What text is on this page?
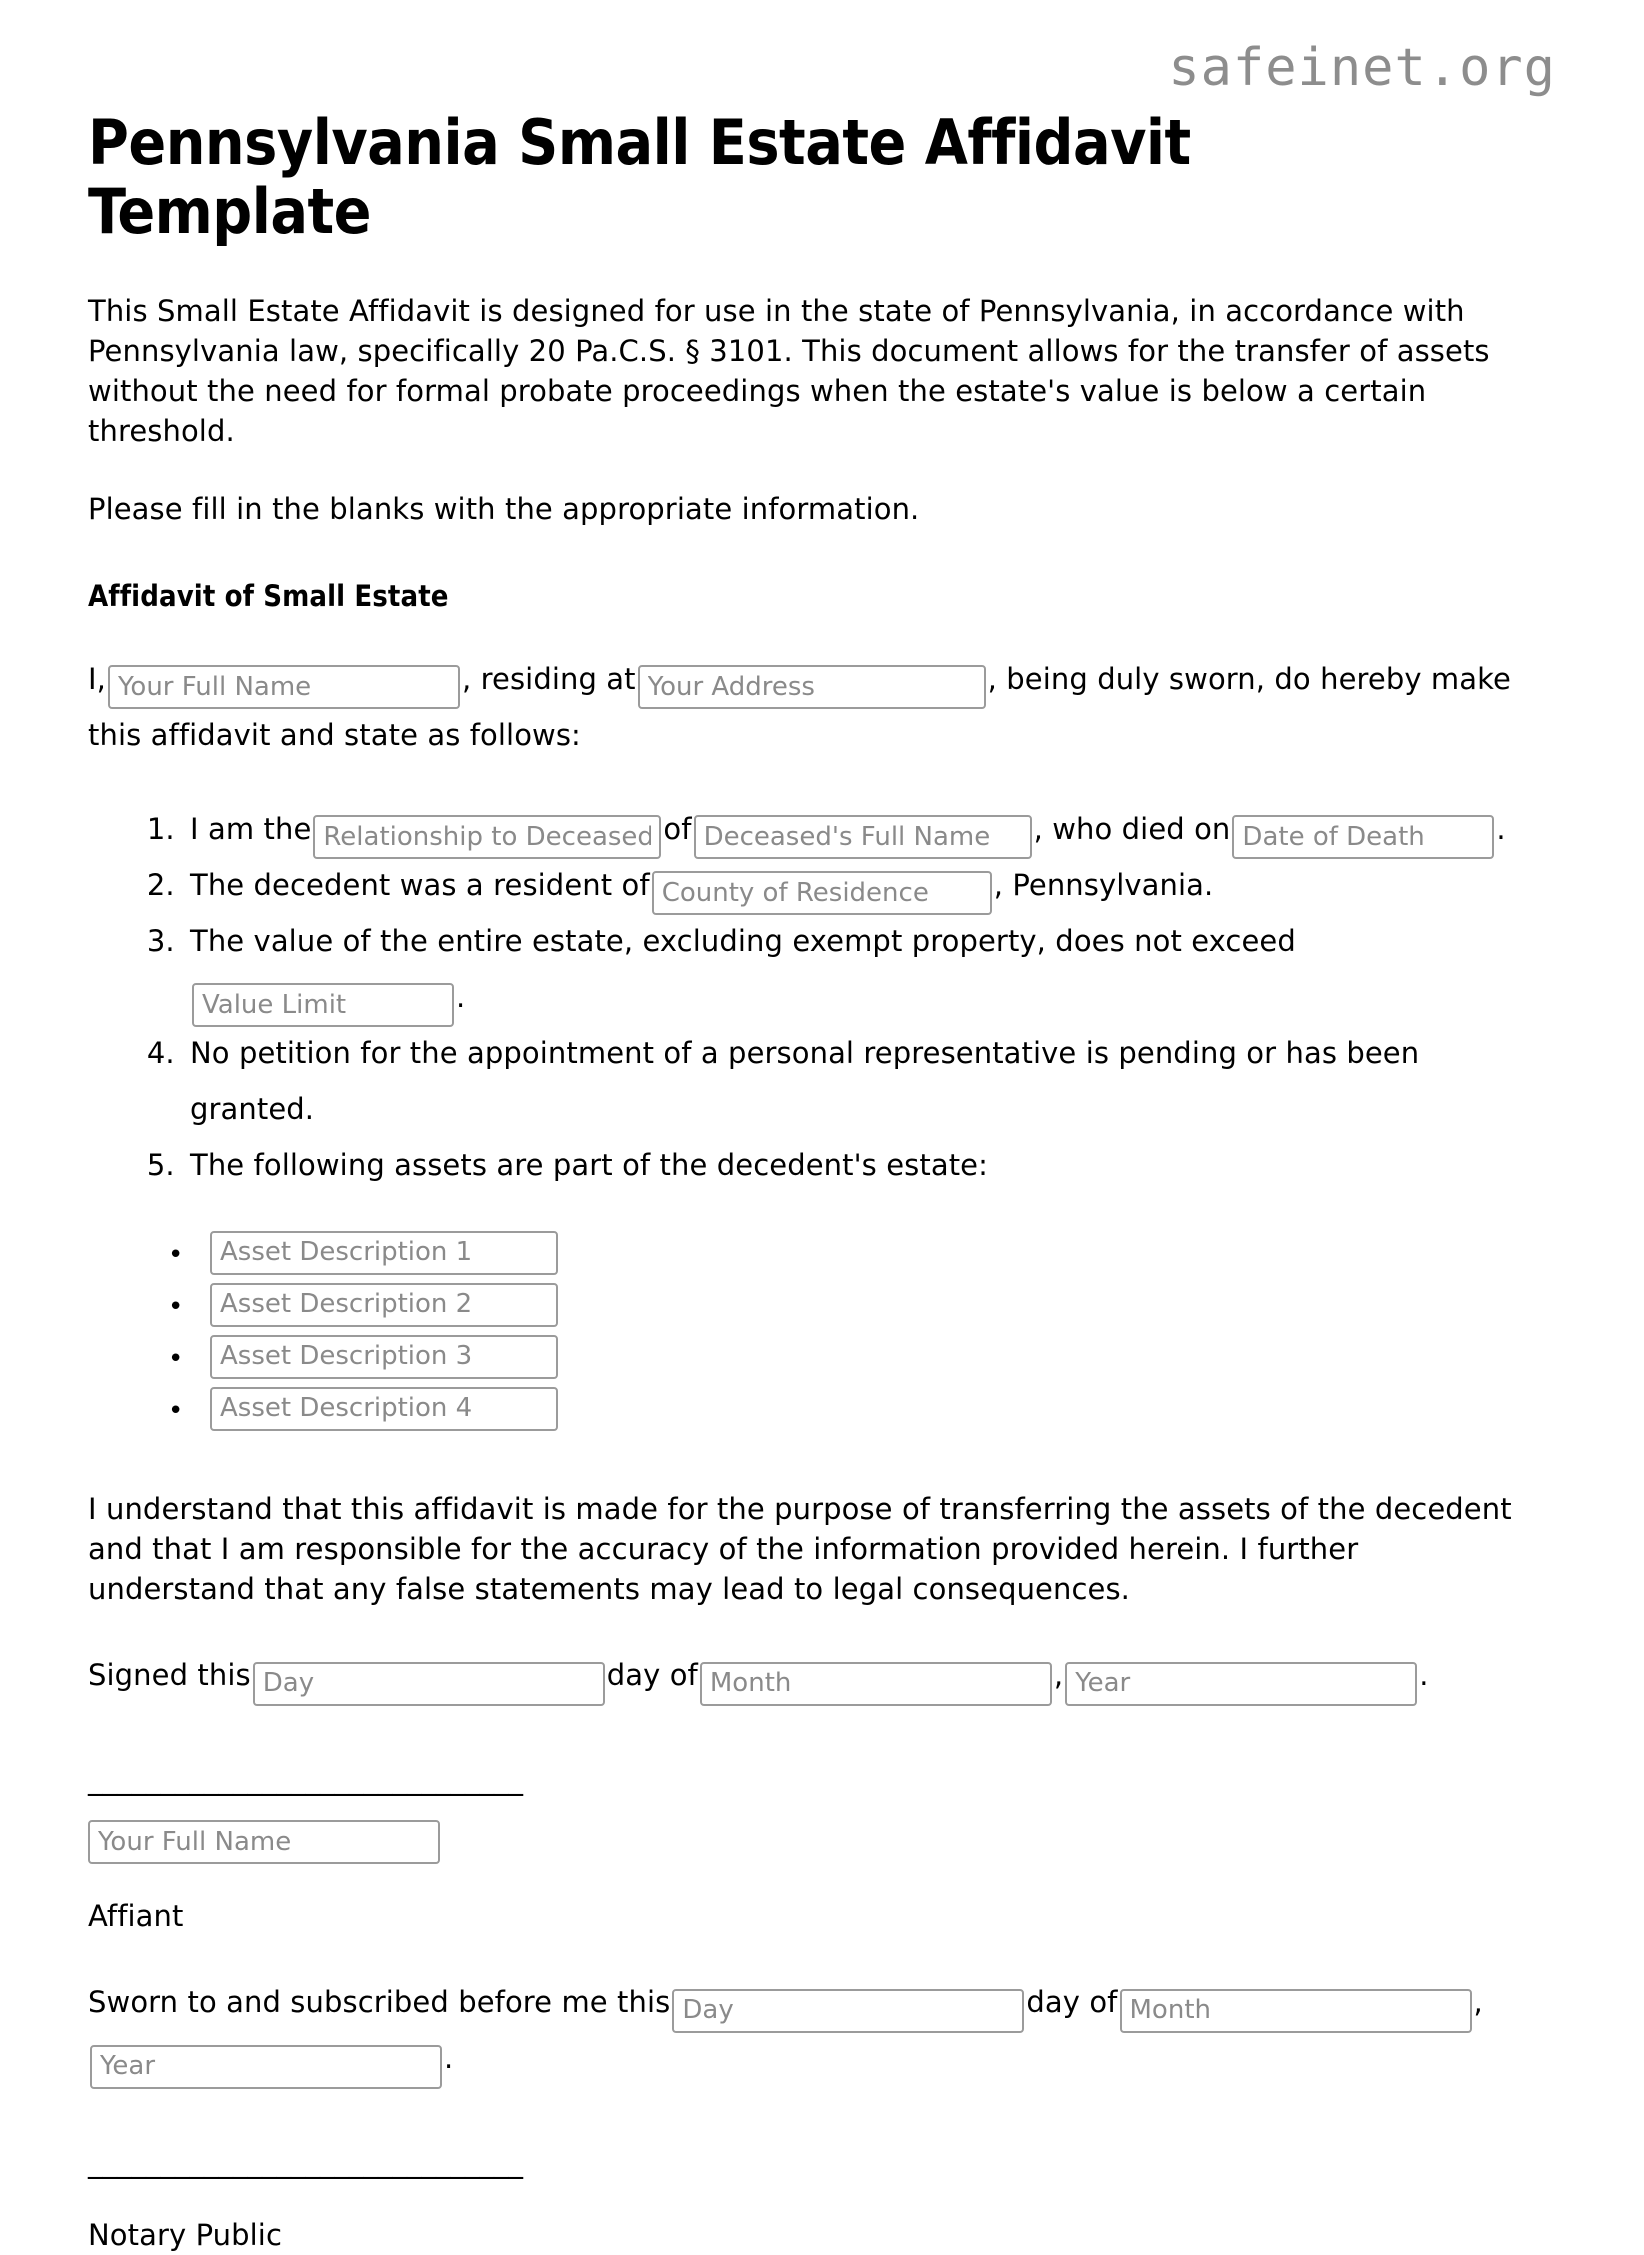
safeinet.org
Pennsylvania Small Estate Affidavit Template

This Small Estate Affidavit is designed for use in the state of Pennsylvania, in accordance with Pennsylvania law, specifically 20 Pa.C.S. § 3101. This document allows for the transfer of assets without the need for formal probate proceedings when the estate's value is below a certain threshold.

Please fill in the blanks with the appropriate information.

Affidavit of Small Estate
I,Your Full Name	, residing atYour Address	, being duly sworn, do hereby make this affidavit and state as follows:
1. I am theRelationship to Deceased	ofDeceased's Full Name	, who died onDate of Death	.
2. The decedent was a resident ofCounty of Residence	, Pennsylvania.
3. The value of the entire estate, excluding exempt property, does not exceedValue Limit.
4. No petition for the appointment of a personal representative is pending or has been granted.
5. The following assets are part of the decedent's estate:
• Asset Description 1
• Asset Description 2
• Asset Description 3
• Asset Description 4

I understand that this affidavit is made for the purpose of transferring the assets of the decedent and that I am responsible for the accuracy of the information provided herein. I further understand that any false statements may lead to legal consequences.

Signed thisDay	day ofMonth	,Year	.
______________________________
Your Full Name
Affiant
Sworn to and subscribed before me thisDay	day ofMonth	,Year.
______________________________
Notary Public
